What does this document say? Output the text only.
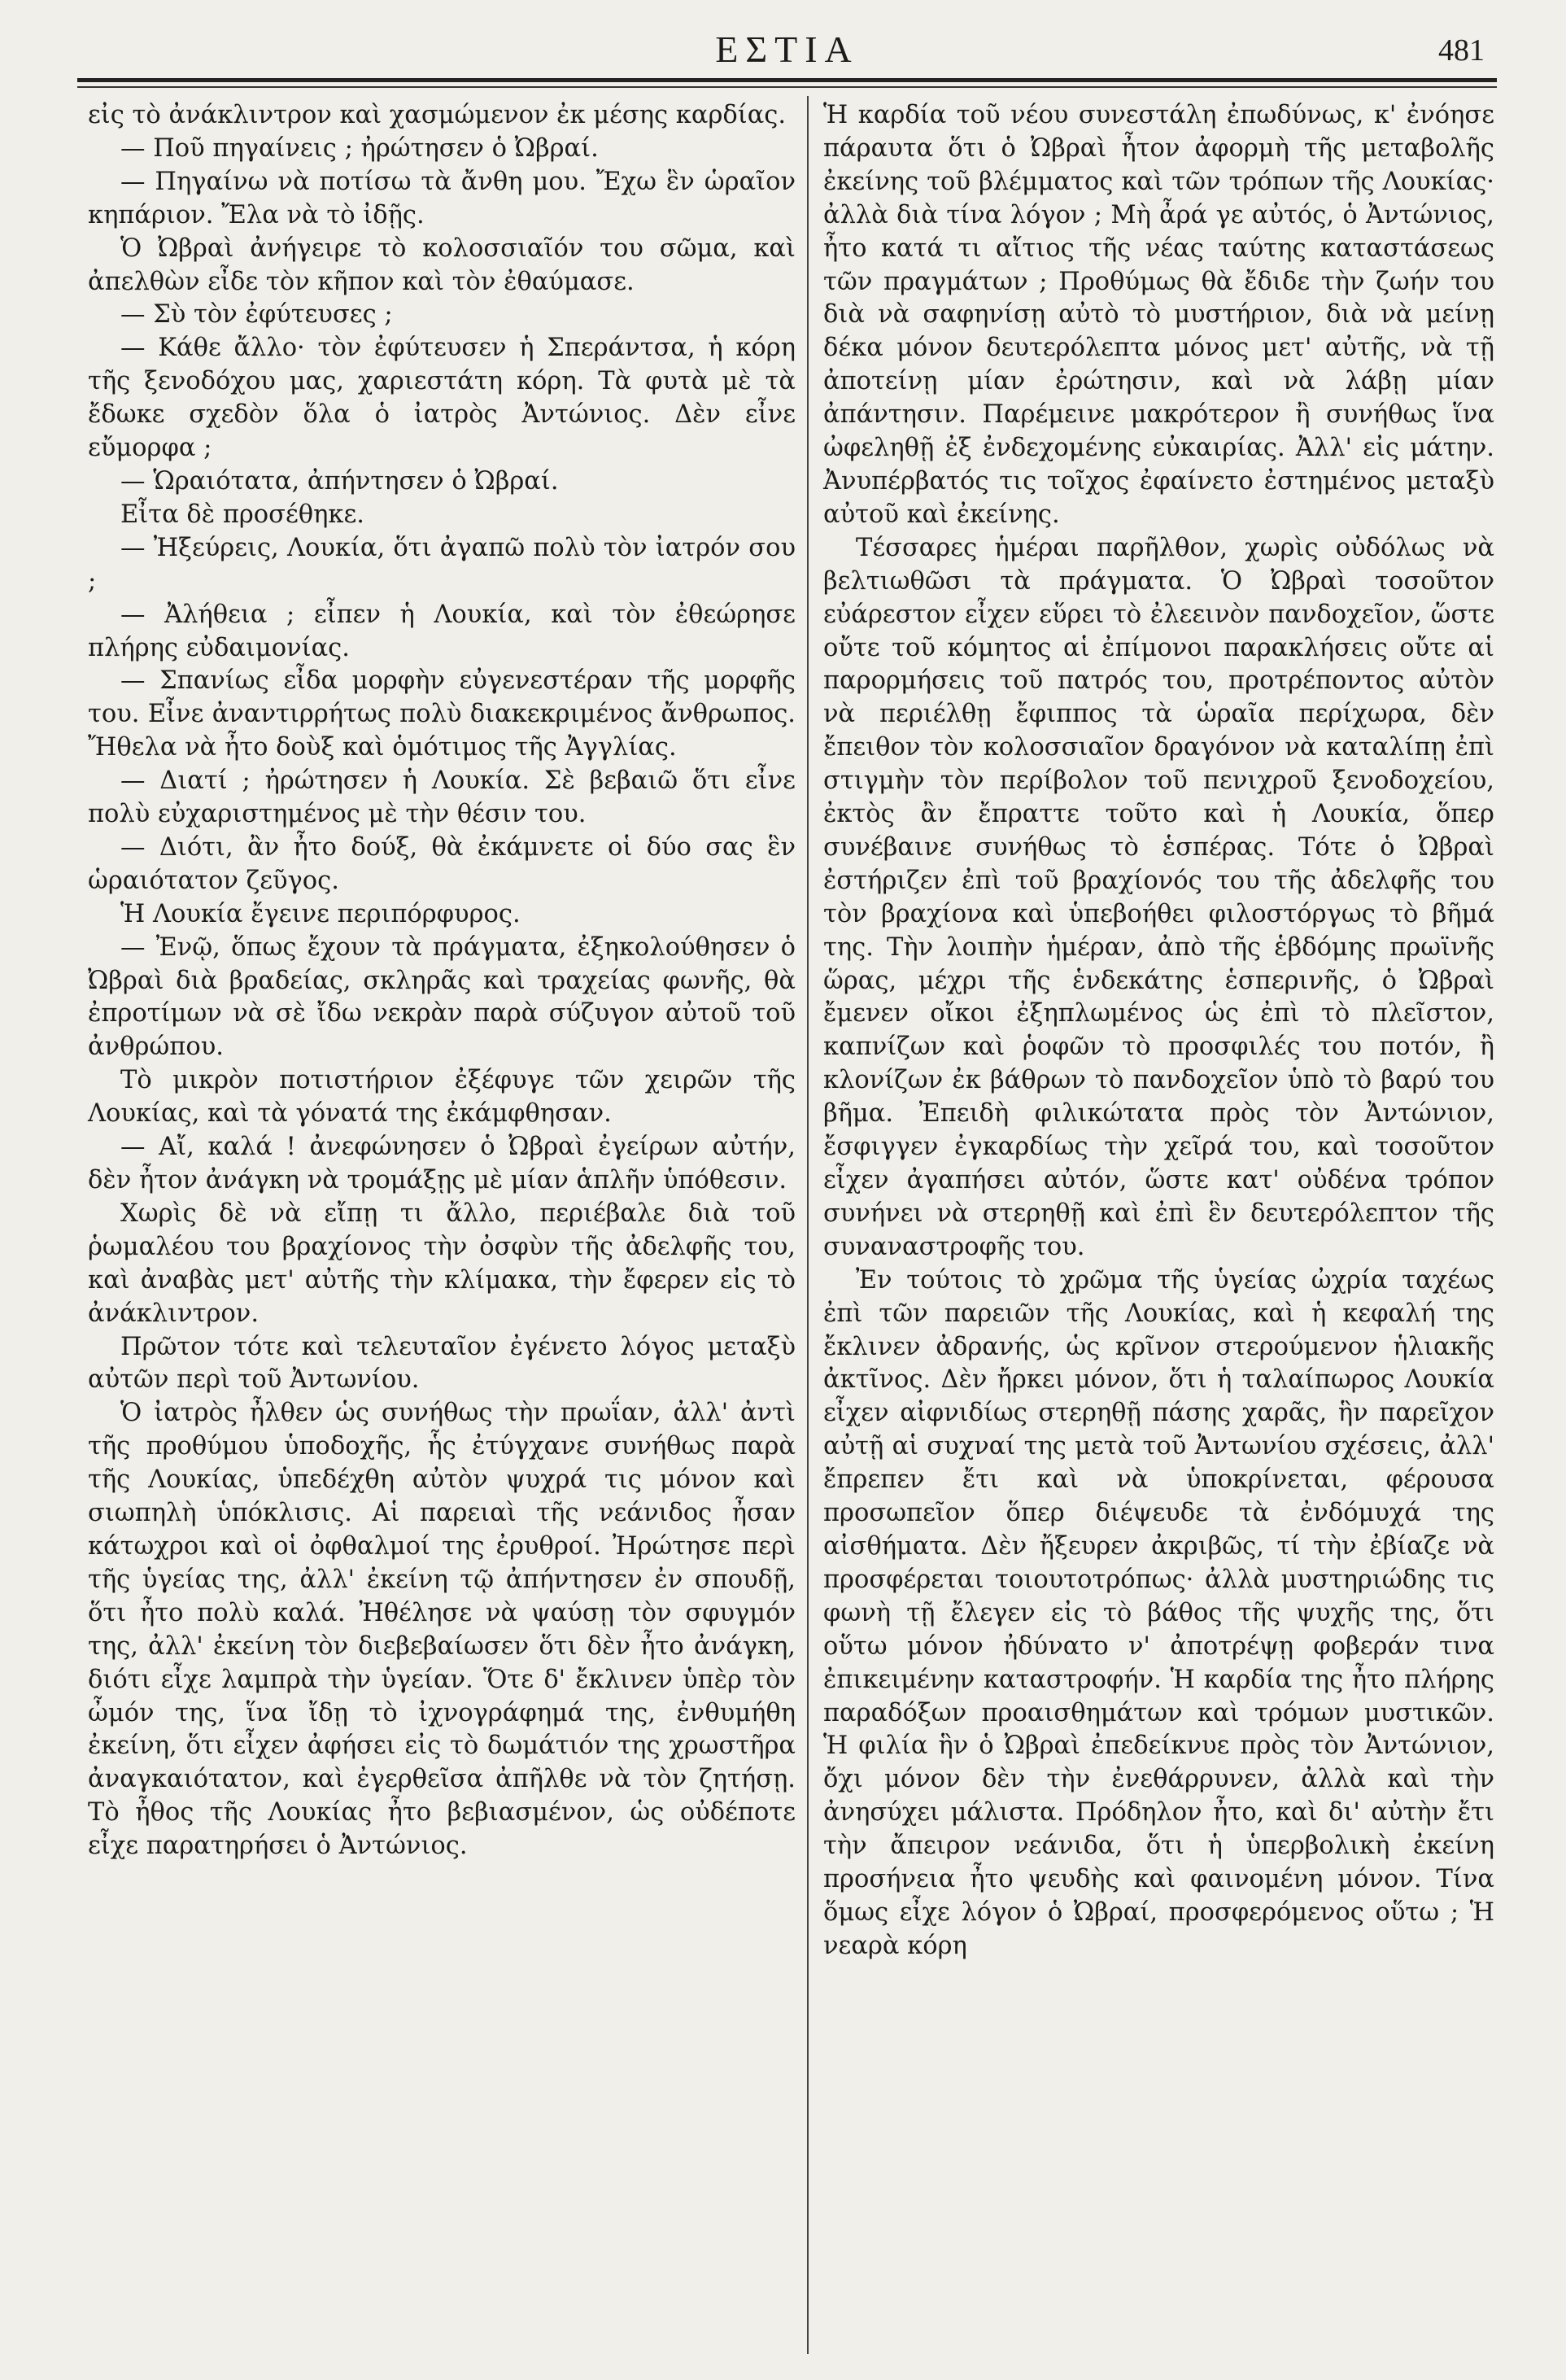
ΕΣΤΙΑ	481

εἰς τὸ ἀνάκλιντρον καὶ χασμώμενον ἐκ μέσης καρδίας.

— Ποῦ πηγαίνεις ; ἠρώτησεν ὁ Ὠβραί.

— Πηγαίνω νὰ ποτίσω τὰ ἄνθη μου. Ἔχω ἓν ὡραῖον κηπάριον. Ἔλα νὰ τὸ ἰδῇς.

Ὁ Ὠβραὶ ἀνήγειρε τὸ κολοσσιαῖόν του σῶμα, καὶ ἀπελθὼν εἶδε τὸν κῆπον καὶ τὸν ἐθαύμασε.

— Σὺ τὸν ἐφύτευσες ;

— Κάθε ἄλλο· τὸν ἐφύτευσεν ἡ Σπεράντσα, ἡ κόρη τῆς ξενοδόχου μας, χαριεστάτη κόρη. Τὰ φυτὰ μὲ τὰ ἔδωκε σχεδὸν ὅλα ὁ ἰατρὸς Ἀντώνιος. Δὲν εἶνε εὔμορφα ;

— Ὡραιότατα, ἀπήντησεν ὁ Ὠβραί.

Εἶτα δὲ προσέθηκε.

— Ἠξεύρεις, Λουκία, ὅτι ἀγαπῶ πολὺ τὸν ἰατρόν σου ;

— Ἀλήθεια ; εἶπεν ἡ Λουκία, καὶ τὸν ἐθεώρησε πλήρης εὐδαιμονίας.

— Σπανίως εἶδα μορφὴν εὐγενεστέραν τῆς μορφῆς του. Εἶνε ἀναντιρρήτως πολὺ διακεκριμένος ἄνθρωπος. Ἤθελα νὰ ἦτο δοὺξ καὶ ὁμότιμος τῆς Ἀγγλίας.

— Διατί ; ἠρώτησεν ἡ Λουκία. Σὲ βεβαιῶ ὅτι εἶνε πολὺ εὐχαριστημένος μὲ τὴν θέσιν του.

— Διότι, ἂν ἦτο δούξ, θὰ ἐκάμνετε οἱ δύο σας ἓν ὡραιότατον ζεῦγος.

Ἡ Λουκία ἔγεινε περιπόρφυρος.

— Ἐνῷ, ὅπως ἔχουν τὰ πράγματα, ἐξηκολούθησεν ὁ Ὠβραὶ διὰ βραδείας, σκληρᾶς καὶ τραχείας φωνῆς, θὰ ἐπροτίμων νὰ σὲ ἴδω νεκρὰν παρὰ σύζυγον αὐτοῦ τοῦ ἀνθρώπου.

Τὸ μικρὸν ποτιστήριον ἐξέφυγε τῶν χειρῶν τῆς Λουκίας, καὶ τὰ γόνατά της ἐκάμφθησαν.

— Αἴ, καλά ! ἀνεφώνησεν ὁ Ὠβραὶ ἐγείρων αὐτήν, δὲν ἦτον ἀνάγκη νὰ τρομάξῃς μὲ μίαν ἁπλῆν ὑπόθεσιν.

Χωρὶς δὲ νὰ εἴπῃ τι ἄλλο, περιέβαλε διὰ τοῦ ῥωμαλέου του βραχίονος τὴν ὀσφὺν τῆς ἀδελφῆς του, καὶ ἀναβὰς μετ' αὐτῆς τὴν κλίμακα, τὴν ἔφερεν εἰς τὸ ἀνάκλιντρον.

Πρῶτον τότε καὶ τελευταῖον ἐγένετο λόγος μεταξὺ αὐτῶν περὶ τοῦ Ἀντωνίου.

Ὁ ἰατρὸς ἦλθεν ὡς συνήθως τὴν πρωΐαν, ἀλλ' ἀντὶ τῆς προθύμου ὑποδοχῆς, ἧς ἐτύγχανε συνήθως παρὰ τῆς Λουκίας, ὑπεδέχθη αὐτὸν ψυχρά τις μόνον καὶ σιωπηλὴ ὑπόκλισις. Αἱ παρειαὶ τῆς νεάνιδος ἦσαν κάτωχροι καὶ οἱ ὀφθαλμοί της ἐρυθροί. Ἠρώτησε περὶ τῆς ὑγείας της, ἀλλ' ἐκείνη τῷ ἀπήντησεν ἐν σπουδῇ, ὅτι ἦτο πολὺ καλά. Ἠθέλησε νὰ ψαύσῃ τὸν σφυγμόν της, ἀλλ' ἐκείνη τὸν διεβεβαίωσεν ὅτι δὲν ἦτο ἀνάγκη, διότι εἶχε λαμπρὰ τὴν ὑγείαν. Ὅτε δ' ἔκλινεν ὑπὲρ τὸν ὦμόν της, ἵνα ἴδῃ τὸ ἰχνογράφημά της, ἐνθυμήθη ἐκείνη, ὅτι εἶχεν ἀφήσει εἰς τὸ δωμάτιόν της χρωστῆρα ἀναγκαιότατον, καὶ ἐγερθεῖσα ἀπῆλθε νὰ τὸν ζητήσῃ. Τὸ ἦθος τῆς Λουκίας ἦτο βεβιασμένον, ὡς οὐδέποτε εἶχε παρατηρήσει ὁ Ἀντώνιος.

Ἡ καρδία τοῦ νέου συνεστάλη ἐπωδύνως, κ' ἐνόησε πάραυτα ὅτι ὁ Ὠβραὶ ἦτον ἀφορμὴ τῆς μεταβολῆς ἐκείνης τοῦ βλέμματος καὶ τῶν τρόπων τῆς Λουκίας· ἀλλὰ διὰ τίνα λόγον ; Μὴ ἆρά γε αὐτός, ὁ Ἀντώνιος, ἦτο κατά τι αἴτιος τῆς νέας ταύτης καταστάσεως τῶν πραγμάτων ; Προθύμως θὰ ἔδιδε τὴν ζωήν του διὰ νὰ σαφηνίσῃ αὐτὸ τὸ μυστήριον, διὰ νὰ μείνῃ δέκα μόνον δευτερόλεπτα μόνος μετ' αὐτῆς, νὰ τῇ ἀποτείνῃ μίαν ἐρώτησιν, καὶ νὰ λάβῃ μίαν ἀπάντησιν. Παρέμεινε μακρότερον ἢ συνήθως ἵνα ὠφεληθῇ ἐξ ἐνδεχομένης εὐκαιρίας. Ἀλλ' εἰς μάτην. Ἀνυπέρβατός τις τοῖχος ἐφαίνετο ἐστημένος μεταξὺ αὐτοῦ καὶ ἐκείνης.

Τέσσαρες ἡμέραι παρῆλθον, χωρὶς οὐδόλως νὰ βελτιωθῶσι τὰ πράγματα. Ὁ Ὠβραὶ τοσοῦτον εὐάρεστον εἶχεν εὕρει τὸ ἐλεεινὸν πανδοχεῖον, ὥστε οὔτε τοῦ κόμητος αἱ ἐπίμονοι παρακλήσεις οὔτε αἱ παρορμήσεις τοῦ πατρός του, προτρέποντος αὐτὸν νὰ περιέλθῃ ἔφιππος τὰ ὡραῖα περίχωρα, δὲν ἔπειθον τὸν κολοσσιαῖον δραγόνον νὰ καταλίπῃ ἐπὶ στιγμὴν τὸν περίβολον τοῦ πενιχροῦ ξενοδοχείου, ἐκτὸς ἂν ἔπραττε τοῦτο καὶ ἡ Λουκία, ὅπερ συνέβαινε συνήθως τὸ ἑσπέρας. Τότε ὁ Ὠβραὶ ἐστήριζεν ἐπὶ τοῦ βραχίονός του τῆς ἀδελφῆς του τὸν βραχίονα καὶ ὑπεβοήθει φιλοστόργως τὸ βῆμά της. Τὴν λοιπὴν ἡμέραν, ἀπὸ τῆς ἑβδόμης πρωϊνῆς ὥρας, μέχρι τῆς ἑνδεκάτης ἑσπερινῆς, ὁ Ὠβραὶ ἔμενεν οἴκοι ἐξηπλωμένος ὡς ἐπὶ τὸ πλεῖστον, καπνίζων καὶ ῥοφῶν τὸ προσφιλές του ποτόν, ἢ κλονίζων ἐκ βάθρων τὸ πανδοχεῖον ὑπὸ τὸ βαρύ του βῆμα. Ἐπειδὴ φιλικώτατα πρὸς τὸν Ἀντώνιον, ἔσφιγγεν ἐγκαρδίως τὴν χεῖρά του, καὶ τοσοῦτον εἶχεν ἀγαπήσει αὐτόν, ὥστε κατ' οὐδένα τρόπον συνήνει νὰ στερηθῇ καὶ ἐπὶ ἓν δευτερόλεπτον τῆς συναναστροφῆς του.

Ἐν τούτοις τὸ χρῶμα τῆς ὑγείας ὠχρία ταχέως ἐπὶ τῶν παρειῶν τῆς Λουκίας, καὶ ἡ κεφαλή της ἔκλινεν ἀδρανής, ὡς κρῖνον στερούμενον ἡλιακῆς ἀκτῖνος. Δὲν ἤρκει μόνον, ὅτι ἡ ταλαίπωρος Λουκία εἶχεν αἰφνιδίως στερηθῇ πάσης χαρᾶς, ἣν παρεῖχον αὐτῇ αἱ συχναί της μετὰ τοῦ Ἀντωνίου σχέσεις, ἀλλ' ἔπρεπεν ἔτι καὶ νὰ ὑποκρίνεται, φέρουσα προσωπεῖον ὅπερ διέψευδε τὰ ἐνδόμυχά της αἰσθήματα. Δὲν ἤξευρεν ἀκριβῶς, τί τὴν ἐβίαζε νὰ προσφέρεται τοιουτοτρόπως· ἀλλὰ μυστηριώδης τις φωνὴ τῇ ἔλεγεν εἰς τὸ βάθος τῆς ψυχῆς της, ὅτι οὕτω μόνον ἠδύνατο ν' ἀποτρέψῃ φοβεράν τινα ἐπικειμένην καταστροφήν. Ἡ καρδία της ἦτο πλήρης παραδόξων προαισθημάτων καὶ τρόμων μυστικῶν. Ἡ φιλία ἣν ὁ Ὠβραὶ ἐπεδείκνυε πρὸς τὸν Ἀντώνιον, ὄχι μόνον δὲν τὴν ἐνεθάρρυνεν, ἀλλὰ καὶ τὴν ἀνησύχει μάλιστα. Πρόδηλον ἦτο, καὶ δι' αὐτὴν ἔτι τὴν ἄπειρον νεάνιδα, ὅτι ἡ ὑπερβολικὴ ἐκείνη προσήνεια ἦτο ψευδὴς καὶ φαινομένη μόνον. Τίνα ὅμως εἶχε λόγον ὁ Ὠβραί, προσφερόμενος οὕτω ; Ἡ νεαρὰ κόρη
